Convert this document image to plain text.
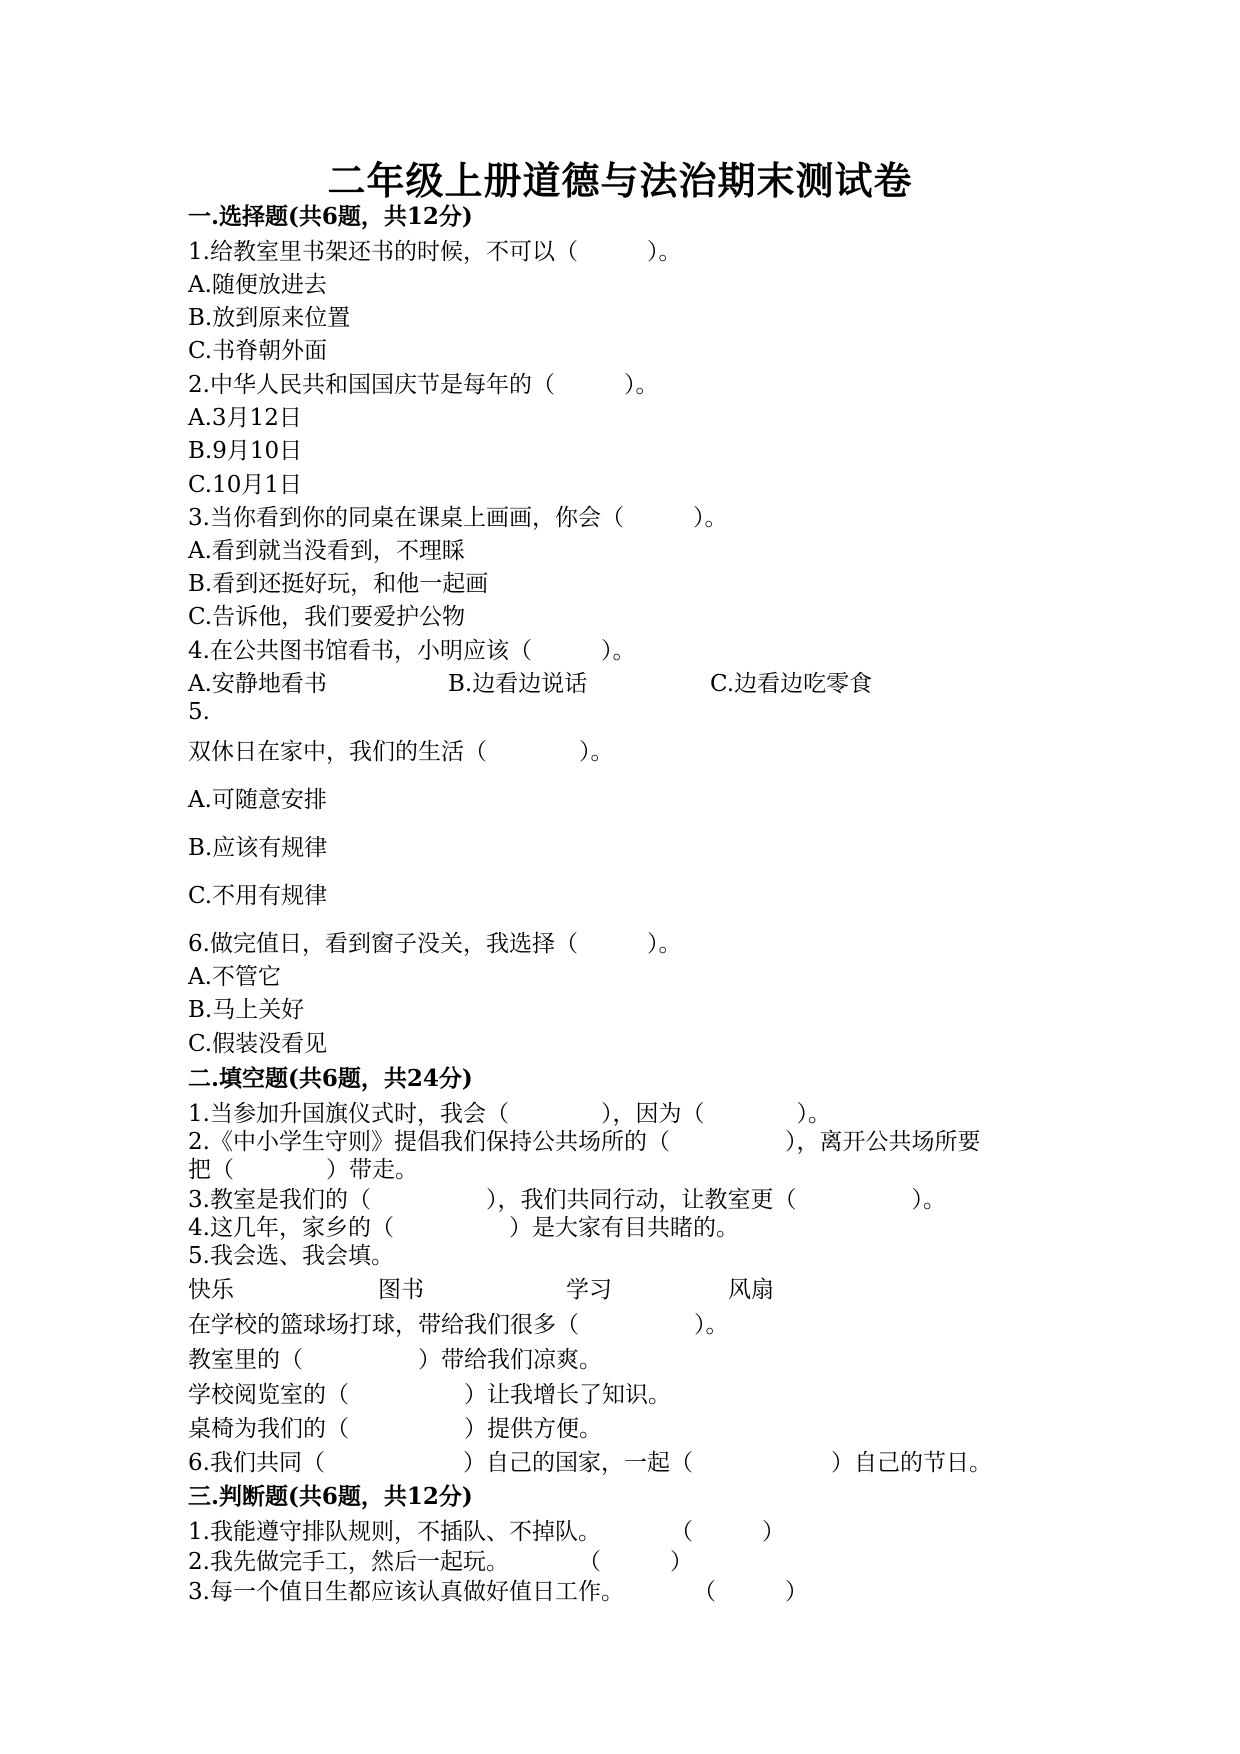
二年级上册道德与法治期末测试卷
一.选择题(共6题，共12分)
1.给教室里书架还书的时候，不可以（　　　）。
A.随便放进去
B.放到原来位置
C.书脊朝外面
2.中华人民共和国国庆节是每年的（　　　）。
A.3月12日
B.9月10日
C.10月1日
3.当你看到你的同桌在课桌上画画，你会（　　　）。
A.看到就当没看到，不理睬
B.看到还挺好玩，和他一起画
C.告诉他，我们要爱护公物
4.在公共图书馆看书，小明应该（　　　）。
A.安静地看书	B.边看边说话	C.边看边吃零食
5.
双休日在家中，我们的生活（　　　　）。
A.可随意安排
B.应该有规律
C.不用有规律
6.做完值日，看到窗子没关，我选择（　　　）。
A.不管它
B.马上关好
C.假装没看见
二.填空题(共6题，共24分)
1.当参加升国旗仪式时，我会（　　　　），因为（　　　　）。
2.《中小学生守则》提倡我们保持公共场所的（　　　　　），离开公共场所要
把（　　　　）带走。
3.教室是我们的（　　　　　），我们共同行动，让教室更（　　　　　）。
4.这几年，家乡的（　　　　　）是大家有目共睹的。
5.我会选、我会填。
快乐	图书	学习	风扇
在学校的篮球场打球，带给我们很多（　　　　　）。
教室里的（　　　　　）带给我们凉爽。
学校阅览室的（　　　　　）让我增长了知识。
桌椅为我们的（　　　　　）提供方便。
6.我们共同（　　　　　　）自己的国家，一起（　　　　　　）自己的节日。
三.判断题(共6题，共12分)
1.我能遵守排队规则，不插队、不掉队。　　　　（　　　）
2.我先做完手工，然后一起玩。　　　　（　　　）
3.每一个值日生都应该认真做好值日工作。　　　　（　　　）
